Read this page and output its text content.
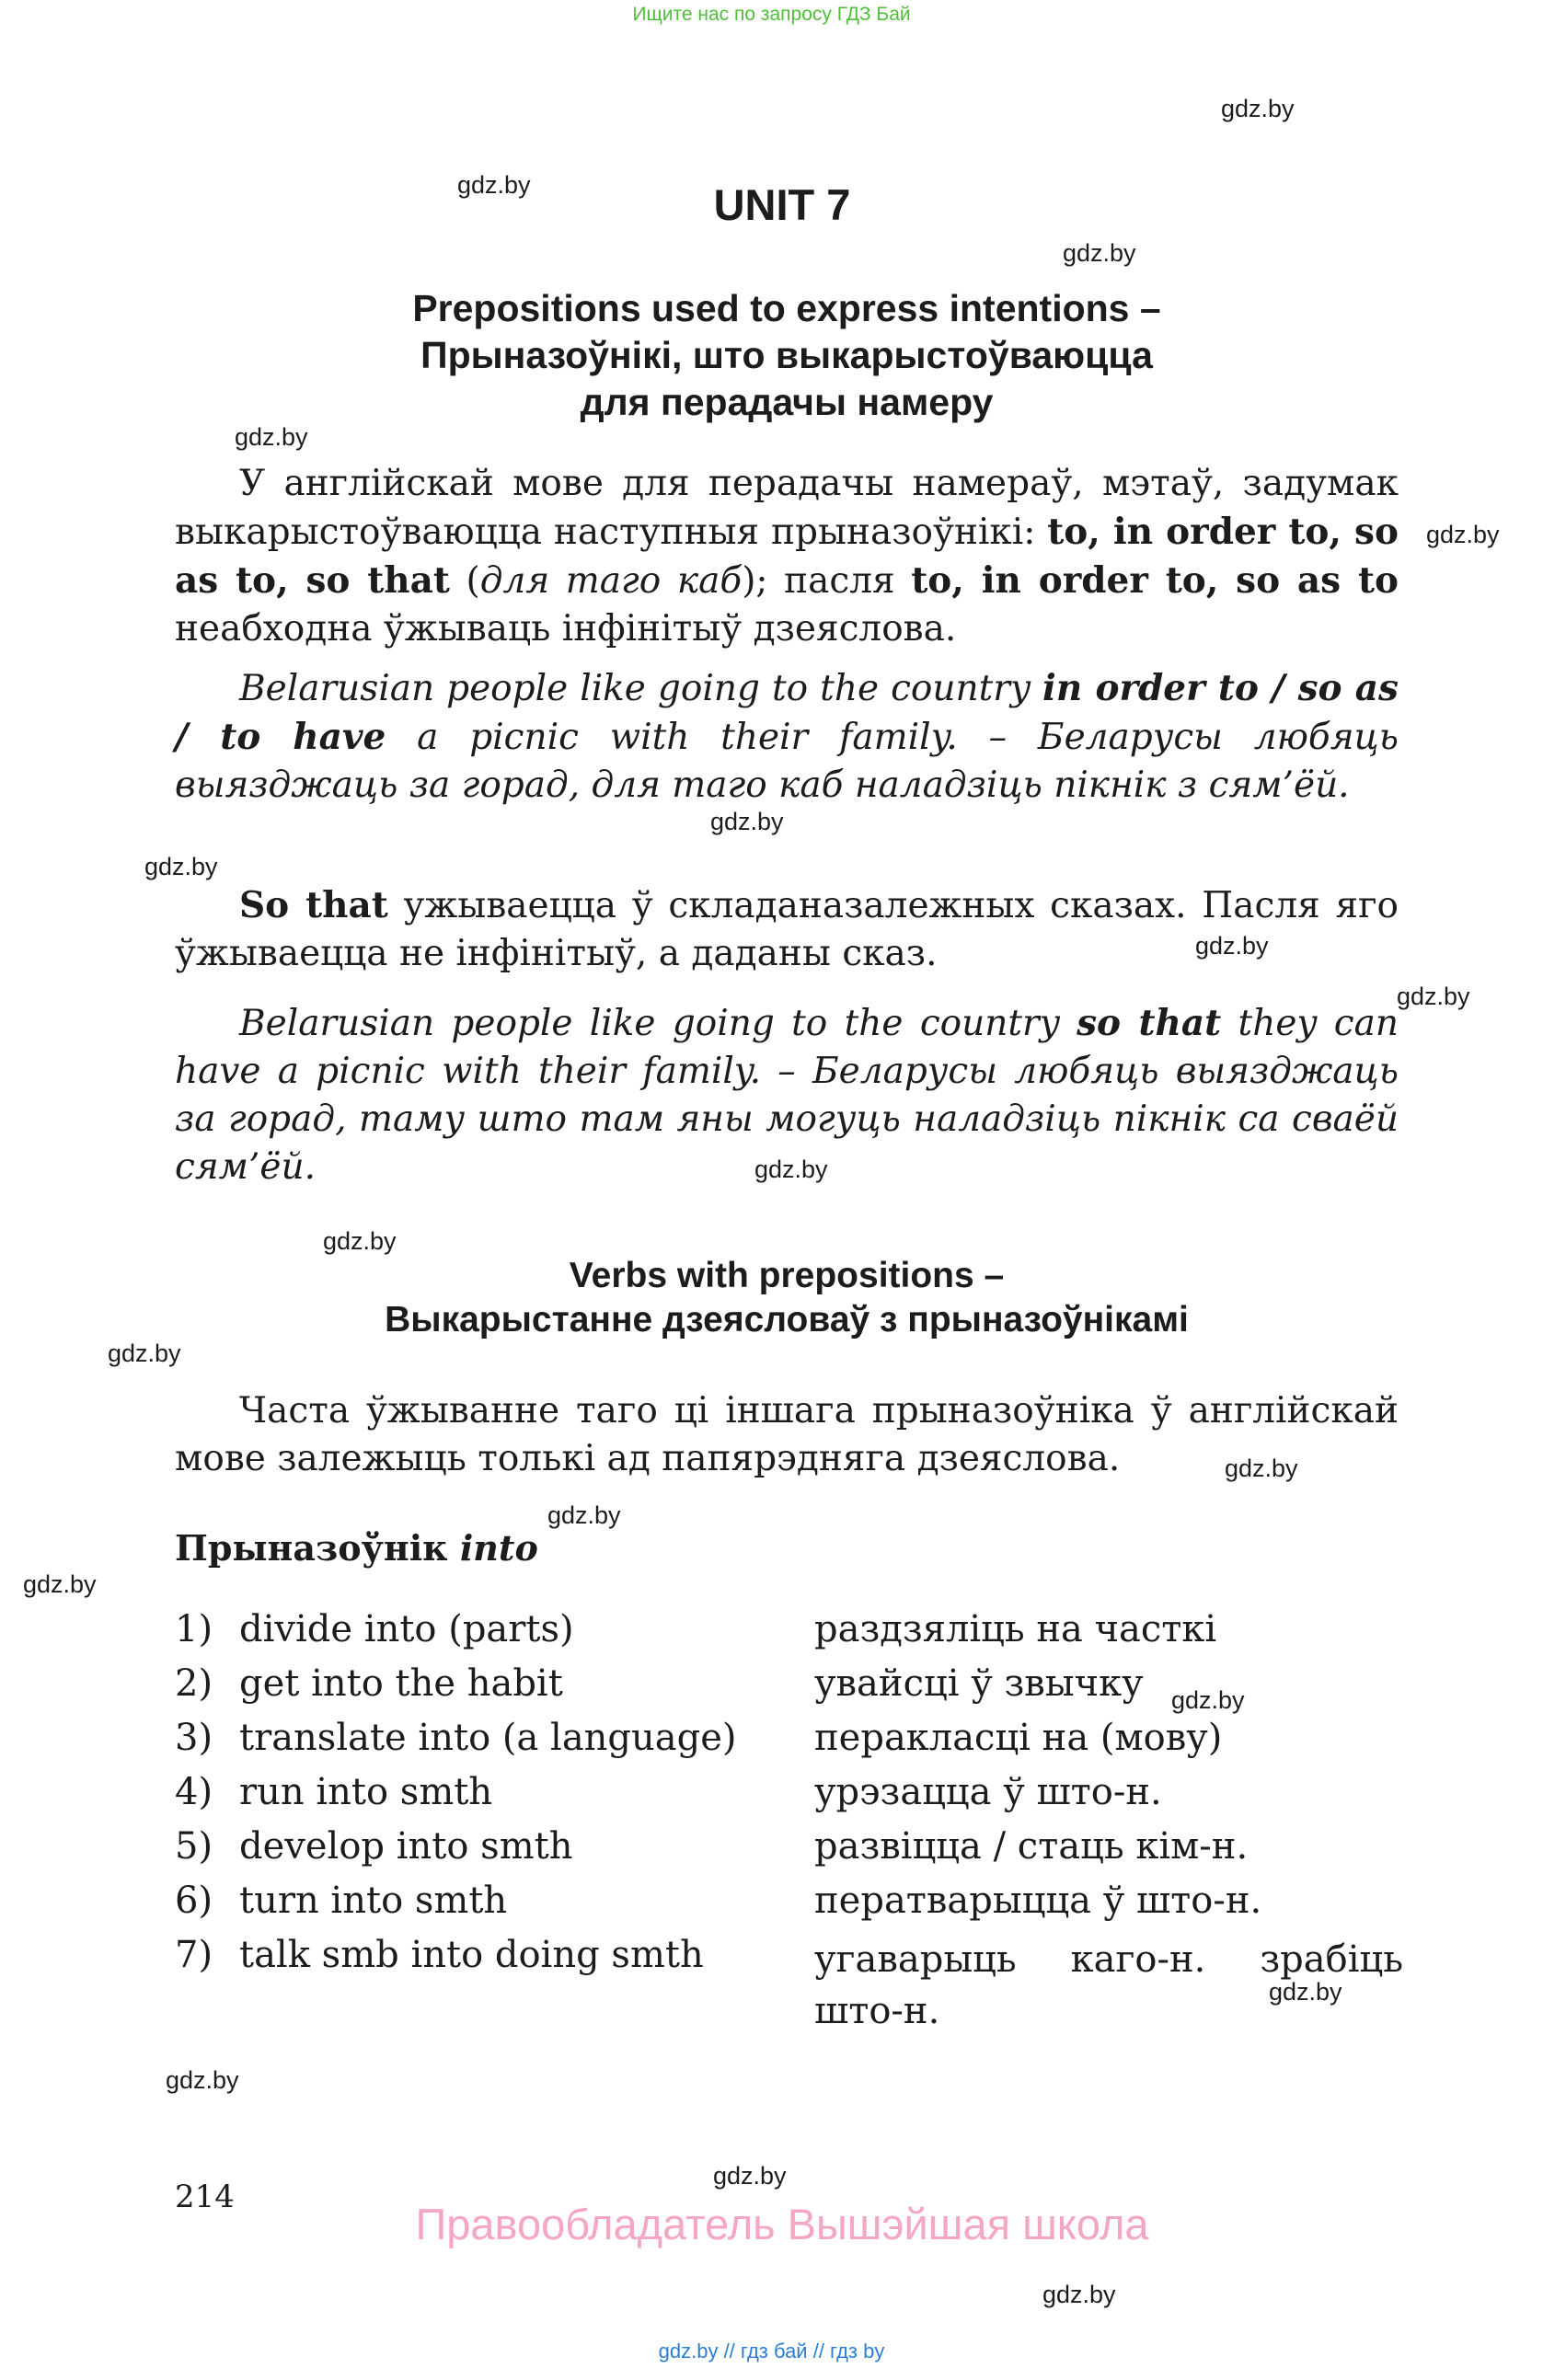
Ищите нас по запросу ГДЗ Бай
gdz.by
gdz.by
gdz.by
gdz.by
gdz.by
gdz.by
gdz.by
gdz.by
gdz.by
gdz.by
gdz.by
gdz.by
gdz.by
gdz.by
gdz.by
gdz.by
gdz.by
gdz.by
gdz.by
gdz.by
UNIT 7
Prepositions used to express intentions –
Прыназоўнікі, што выкарыстоўваюцца
для перадачы намеру
У англійскай мове для перадачы намераў, мэтаў, задумак выкарыстоўваюцца наступныя прыназоўнікі: to, in order to, so as to, so that (для таго каб); пасля to, in order to, so as to неабходна ўжываць інфінітыў дзеяслова.
Belarusian people like going to the country in order to / so as / to have a picnic with their family. – Беларусы любяць выязджаць за горад, для таго каб наладзіць пікнік з сям’ёй.
So that ужываецца ў складаназалежных сказах. Пасля яго ўжываецца не інфінітыў, а даданы сказ.
Belarusian people like going to the country so that they can have a picnic with their family. – Беларусы любяць выязджаць за горад, таму што там яны могуць наладзіць пікнік са сваёй сям’ёй.
Verbs with prepositions –
Выкарыстанне дзеясловаў з прыназоўнікамі
Часта ўжыванне таго ці іншага прыназоўніка ў англійскай мове залежыць толькі ад папярэдняга дзеяслова.
Прыназоўнік into
1) divide into (parts)	раздзяліць на часткі
2) get into the habit	увайсці ў звычку
3) translate into (a language) перакласці на (мову)
4) run into smth	урэзацца ў што-н.
5) develop into smth	развіцца / стаць кім-н.
6) turn into smth	ператварыцца ў што-н.
7) talk smb into doing smth	угаварыць каго-н. зрабіць што-н.
214
Правообладатель Вышэйшая школа
gdz.by // гдз бай // гдз by
